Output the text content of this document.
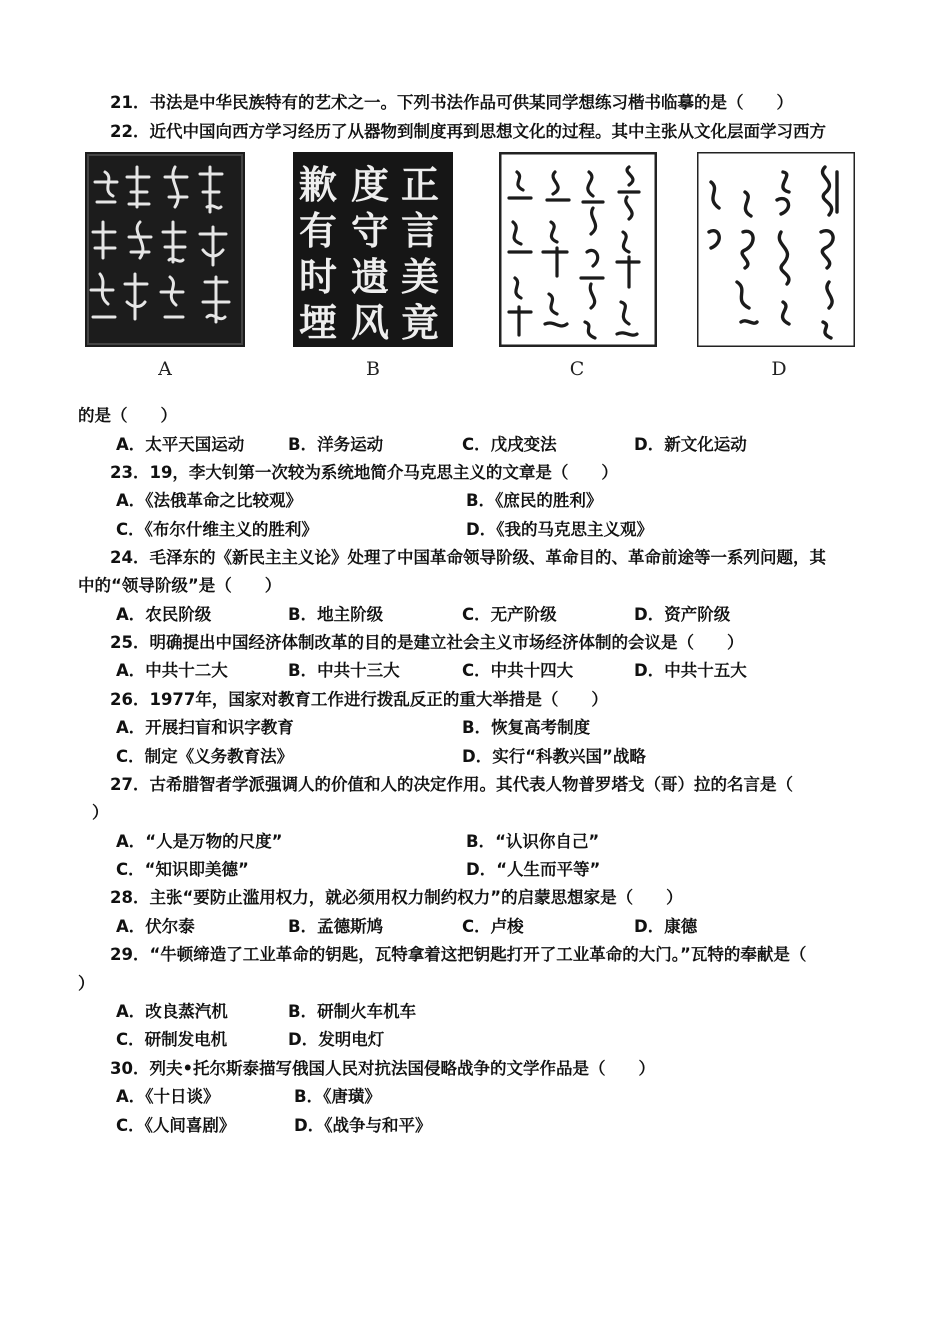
21．书法是中华民族特有的艺术之一。下列书法作品可供某同学想练习楷书临摹的是（　　）
22．近代中国向西方学习经历了从器物到制度再到思想文化的过程。其中主张从文化层面学习西方
A
正
言
美
竟
度
守
遗
风
歉
有
时
堙
B	C	D
的是（　　）
A．太平天国运动	B．洋务运动	C．戊戌变法	D．新文化运动
23．19，李大钊第一次较为系统地简介马克思主义的文章是（　　）
A．《法俄革命之比较观》	B．《庶民的胜利》
C．《布尔什维主义的胜利》	D．《我的马克思主义观》
24．毛泽东的《新民主主义论》处理了中国革命领导阶级、革命目的、革命前途等一系列问题，其
中的“领导阶级”是（　　）
A．农民阶级	B．地主阶级	C．无产阶级	D．资产阶级
25．明确提出中国经济体制改革的目的是建立社会主义市场经济体制的会议是（　　）
A．中共十二大	B．中共十三大	C．中共十四大	D．中共十五大
26．1977年，国家对教育工作进行拨乱反正的重大举措是（　　）
A．开展扫盲和识字教育	B．恢复高考制度
C．制定《义务教育法》	D．实行“科教兴国”战略
27．古希腊智者学派强调人的价值和人的决定作用。其代表人物普罗塔戈（哥）拉的名言是（
）
A．“人是万物的尺度”	B．“认识你自己”
C．“知识即美德”	D．“人生而平等”
28．主张“要防止滥用权力，就必须用权力制约权力”的启蒙思想家是（　　）
A．伏尔泰	B．孟德斯鸠	C．卢梭	D．康德
29．“牛顿缔造了工业革命的钥匙，瓦特拿着这把钥匙打开了工业革命的大门。”瓦特的奉献是（
）
A．改良蒸汽机	B．研制火车机车
C．研制发电机	D．发明电灯
30．列夫•托尔斯泰描写俄国人民对抗法国侵略战争的文学作品是（　　）
A．《十日谈》	B．《唐璜》
C．《人间喜剧》	D．《战争与和平》
